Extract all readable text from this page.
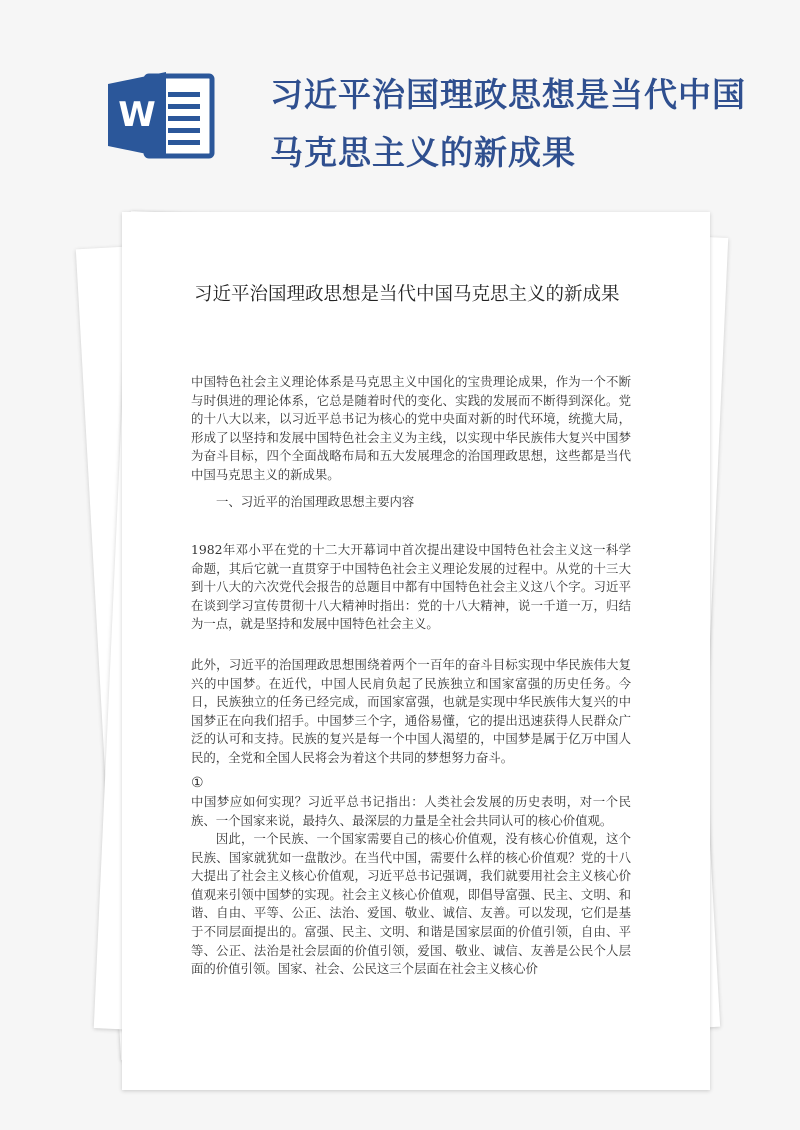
W
习近平治国理政思想是当代中国马克思主义的新成果
习近平治国理政思想是当代中国马克思主义的新成果

中国特色社会主义理论体系是马克思主义中国化的宝贵理论成果，作为一个不断与时俱进的理论体系，它总是随着时代的变化、实践的发展而不断得到深化。党的十八大以来，以习近平总书记为核心的党中央面对新的时代环境，统揽大局，形成了以坚持和发展中国特色社会主义为主线，以实现中华民族伟大复兴中国梦为奋斗目标，四个全面战略布局和五大发展理念的治国理政思想，这些都是当代中国马克思主义的新成果。

一、习近平的治国理政思想主要内容

1982年邓小平在党的十二大开幕词中首次提出建设中国特色社会主义这一科学命题，其后它就一直贯穿于中国特色社会主义理论发展的过程中。从党的十三大到十八大的六次党代会报告的总题目中都有中国特色社会主义这八个字。习近平在谈到学习宣传贯彻十八大精神时指出：党的十八大精神，说一千道一万，归结为一点，就是坚持和发展中国特色社会主义。

此外，习近平的治国理政思想围绕着两个一百年的奋斗目标实现中华民族伟大复兴的中国梦。在近代，中国人民肩负起了民族独立和国家富强的历史任务。今日，民族独立的任务已经完成，而国家富强，也就是实现中华民族伟大复兴的中国梦正在向我们招手。中国梦三个字，通俗易懂，它的提出迅速获得人民群众广泛的认可和支持。民族的复兴是每一个中国人渴望的，中国梦是属于亿万中国人民的，全党和全国人民将会为着这个共同的梦想努力奋斗。

①

中国梦应如何实现？习近平总书记指出：人类社会发展的历史表明，对一个民族、一个国家来说，最持久、最深层的力量是全社会共同认可的核心价值观。

因此，一个民族、一个国家需要自己的核心价值观，没有核心价值观，这个民族、国家就犹如一盘散沙。在当代中国，需要什么样的核心价值观？党的十八大提出了社会主义核心价值观，习近平总书记强调，我们就要用社会主义核心价值观来引领中国梦的实现。社会主义核心价值观，即倡导富强、民主、文明、和谐、自由、平等、公正、法治、爱国、敬业、诚信、友善。可以发现，它们是基于不同层面提出的。富强、民主、文明、和谐是国家层面的价值引领，自由、平等、公正、法治是社会层面的价值引领，爱国、敬业、诚信、友善是公民个人层面的价值引领。国家、社会、公民这三个层面在社会主义核心价
